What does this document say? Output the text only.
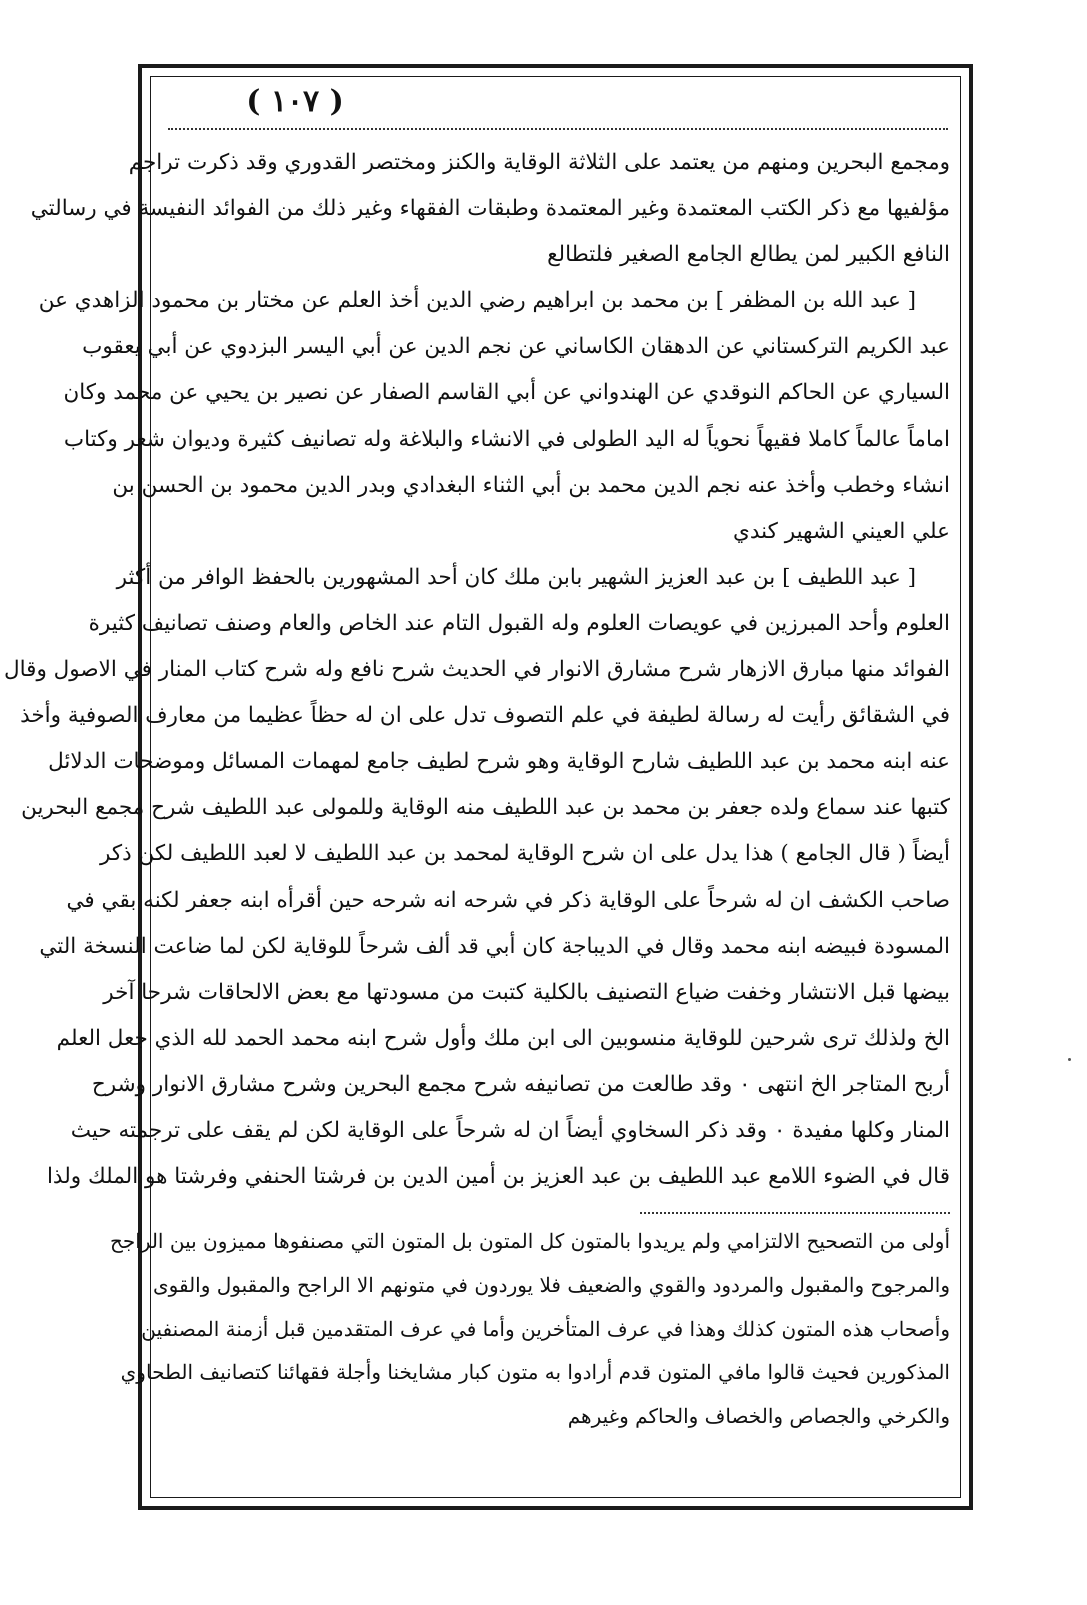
( ١٠٧ )
ومجمع البحرين ومنهم من يعتمد على الثلاثة الوقاية والكنز ومختصر القدوري وقد ذكرت تراجم
مؤلفيها مع ذكر الكتب المعتمدة وغير المعتمدة وطبقات الفقهاء وغير ذلك من الفوائد النفيسة في رسالتي
النافع الكبير لمن يطالع الجامع الصغير فلتطالع
[ عبد الله بن المظفر ] بن محمد بن ابراهيم رضي الدين أخذ العلم عن مختار بن محمود الزاهدي عن
عبد الكريم التركستاني عن الدهقان الكاساني عن نجم الدين عن أبي اليسر البزدوي عن أبي يعقوب
السياري عن الحاكم النوقدي عن الهندواني عن أبي القاسم الصفار عن نصير بن يحيي عن محمد وكان
اماماً عالماً كاملا فقيهاً نحوياً له اليد الطولى في الانشاء والبلاغة وله تصانيف كثيرة وديوان شعر وكتاب
انشاء وخطب وأخذ عنه نجم الدين محمد بن أبي الثناء البغدادي وبدر الدين محمود بن الحسن بن
علي العيني الشهير كندي
[ عبد اللطيف ] بن عبد العزيز الشهير بابن ملك كان أحد المشهورين بالحفظ الوافر من أكثر
العلوم وأحد المبرزين في عويصات العلوم وله القبول التام عند الخاص والعام وصنف تصانيف كثيرة
الفوائد منها مبارق الازهار شرح مشارق الانوار في الحديث شرح نافع وله شرح كتاب المنار في الاصول وقال
في الشقائق رأيت له رسالة لطيفة في علم التصوف تدل على ان له حظاً عظيما من معارف الصوفية وأخذ
عنه ابنه محمد بن عبد اللطيف شارح الوقاية وهو شرح لطيف جامع لمهمات المسائل وموضحات الدلائل
كتبها عند سماع ولده جعفر بن محمد بن عبد اللطيف منه الوقاية وللمولى عبد اللطيف شرح مجمع البحرين
أيضاً ( قال الجامع ) هذا يدل على ان شرح الوقاية لمحمد بن عبد اللطيف لا لعبد اللطيف لكن ذكر
صاحب الكشف ان له شرحاً على الوقاية ذكر في شرحه انه شرحه حين أقرأه ابنه جعفر لكنه بقي في
المسودة فبيضه ابنه محمد وقال في الديباجة كان أبي قد ألف شرحاً للوقاية لكن لما ضاعت النسخة التي
بيضها قبل الانتشار وخفت ضياع التصنيف بالكلية كتبت من مسودتها مع بعض الالحاقات شرحا آخر
الخ ولذلك ترى شرحين للوقاية منسوبين الى ابن ملك وأول شرح ابنه محمد الحمد لله الذي جعل العلم
أربح المتاجر الخ انتهى ٠ وقد طالعت من تصانيفه شرح مجمع البحرين وشرح مشارق الانوار وشرح
المنار وكلها مفيدة ٠ وقد ذكر السخاوي أيضاً ان له شرحاً على الوقاية لكن لم يقف على ترجمته حيث
قال في الضوء اللامع عبد اللطيف بن عبد العزيز بن أمين الدين بن فرشتا الحنفي وفرشتا هو الملك ولذا
أولى من التصحيح الالتزامي ولم يريدوا بالمتون كل المتون بل المتون التي مصنفوها مميزون بين الراجح
والمرجوح والمقبول والمردود والقوي والضعيف فلا يوردون في متونهم الا الراجح والمقبول والقوى
وأصحاب هذه المتون كذلك وهذا في عرف المتأخرين وأما في عرف المتقدمين قبل أزمنة المصنفين
المذكورين فحيث قالوا مافي المتون قدم أرادوا به متون كبار مشايخنا وأجلة فقهائنا كتصانيف الطحاوي
والكرخي والجصاص والخصاف والحاكم وغيرهم
